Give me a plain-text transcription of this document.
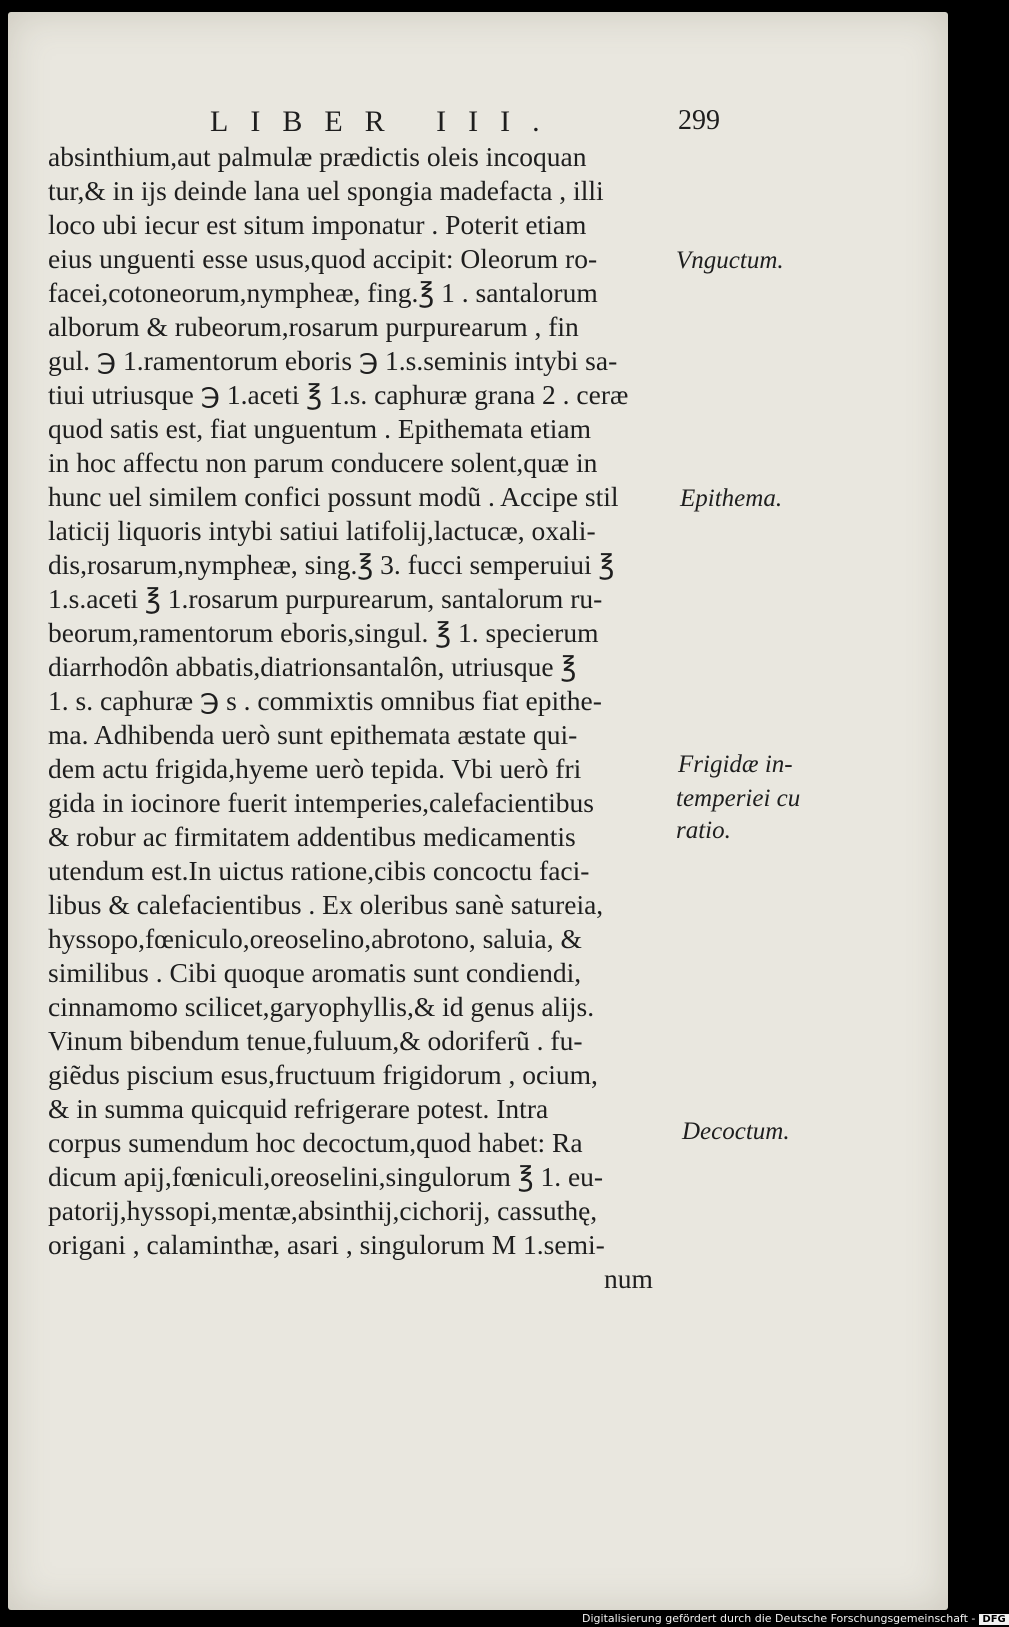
LIBER III.	299
absinthium,aut palmulæ prædictis oleis incoquan
tur,& in ijs deinde lana uel spongia madefacta , illi
loco ubi iecur est situm imponatur . Poterit etiam
eius unguenti esse usus,quod accipit: Oleorum ro-
facei,cotoneorum,nympheæ, fing.℥ 1 . santalorum
alborum & rubeorum,rosarum purpurearum , fin
gul. ℈ 1.ramentorum eboris ℈ 1.s.seminis intybi sa-
tiui utriusque ℈ 1.aceti ℥ 1.s. caphuræ grana 2 . ceræ
quod satis est, fiat unguentum . Epithemata etiam
in hoc affectu non parum conducere solent,quæ in
hunc uel similem confici possunt modũ . Accipe stil
laticij liquoris intybi satiui latifolij,lactucæ, oxali-
dis,rosarum,nympheæ, sing.℥ 3. fucci semperuiui ℥
1.s.aceti ℥ 1.rosarum purpurearum, santalorum ru-
beorum,ramentorum eboris,singul. ℥ 1. specierum
diarrhodôn abbatis,diatrionsantalôn, utriusque ℥
1. s. caphuræ ℈ s . commixtis omnibus fiat epithe-
ma. Adhibenda uerò sunt epithemata æstate qui-
dem actu frigida,hyeme uerò tepida. Vbi uerò fri
gida in iocinore fuerit intemperies,calefacientibus
& robur ac firmitatem addentibus medicamentis
utendum est.In uictus ratione,cibis concoctu faci-
libus & calefacientibus . Ex oleribus sanè satureia,
hyssopo,fœniculo,oreoselino,abrotono, saluia, &
similibus . Cibi quoque aromatis sunt condiendi,
cinnamomo scilicet,garyophyllis,& id genus alijs.
Vinum bibendum tenue,fuluum,& odoriferũ . fu-
giẽdus piscium esus,fructuum frigidorum , ocium,
& in summa quicquid refrigerare potest. Intra
corpus sumendum hoc decoctum,quod habet: Ra
dicum apij,fœniculi,oreoselini,singulorum ℥ 1. eu-
patorij,hyssopi,mentæ,absinthij,cichorij, cassuthę,
origani , calaminthæ, asari , singulorum M 1.semi-
num
Vnguctum.
Epithema.
Frigidæ in-
temperiei cu
ratio.
Decoctum.
Digitalisierung gefördert durch die Deutsche Forschungsgemeinschaft - DFG
